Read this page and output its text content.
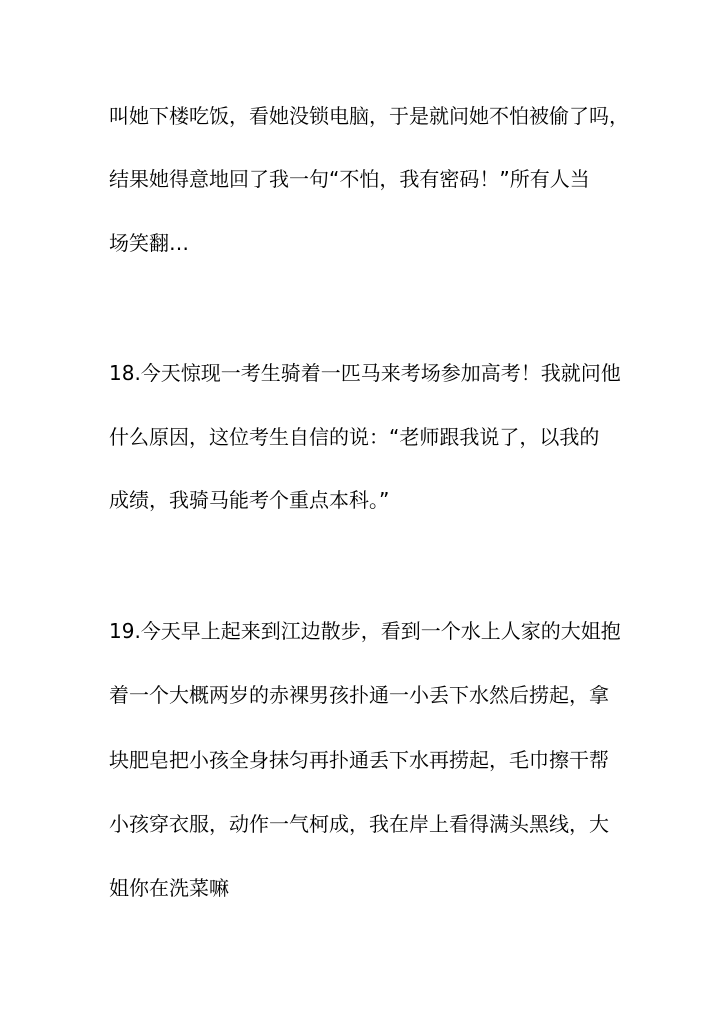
叫她下楼吃饭，看她没锁电脑，于是就问她不怕被偷了吗，
结果她得意地回了我一句“不怕，我有密码！”所有人当
场笑翻…
18.今天惊现一考生骑着一匹马来考场参加高考！我就问他
什么原因，这位考生自信的说：“老师跟我说了，以我的
成绩，我骑马能考个重点本科。”
19.今天早上起来到江边散步，看到一个水上人家的大姐抱
着一个大概两岁的赤裸男孩扑通一小丢下水然后捞起，拿
块肥皂把小孩全身抹匀再扑通丢下水再捞起，毛巾擦干帮
小孩穿衣服，动作一气柯成，我在岸上看得满头黑线，大
姐你在洗菜嘛
